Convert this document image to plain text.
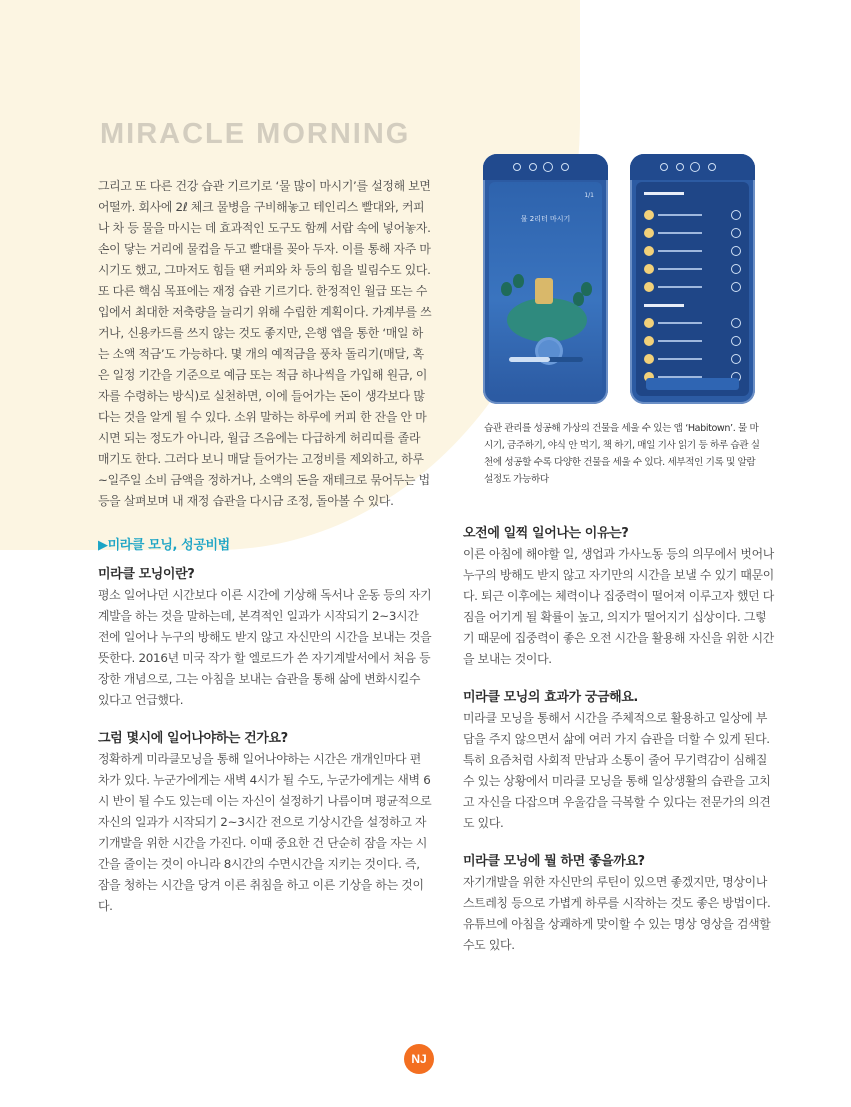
MIRACLE MORNING

그리고 또 다른 건강 습관 기르기로 ‘물 많이 마시기’를 설정해 보면 어떨까. 회사에 2ℓ 체크 물병을 구비해놓고 테인리스 빨대와, 커피나 차 등 물을 마시는 데 효과적인 도구도 함께 서랍 속에 넣어놓자. 손이 닿는 거리에 물컵을 두고 빨대를 꽂아 두자. 이를 통해 자주 마시기도 했고, 그마저도 힘들 땐 커피와 차 등의 힘을 빌림수도 있다.

또 다른 핵심 목표에는 재정 습관 기르기다. 한정적인 월급 또는 수입에서 최대한 저축량을 늘리기 위해 수립한 계획이다. 가계부를 쓰거나, 신용카드를 쓰지 않는 것도 좋지만, 은행 앱을 통한 ‘매일 하는 소액 적금’도 가능하다. 몇 개의 예적금을 풍차 돌리기(매달, 혹은 일정 기간을 기준으로 예금 또는 적금 하나씩을 가입해 원금, 이자를 수령하는 방식)로 실천하면, 이에 들어가는 돈이 생각보다 많다는 것을 알게 될 수 있다. 소위 말하는 하루에 커피 한 잔을 안 마시면 되는 정도가 아니라, 월급 즈음에는 다급하게 허리띠를 졸라 매기도 한다. 그러다 보니 매달 들어가는 고정비를 제외하고, 하루~일주일 소비 금액을 정하거나, 소액의 돈을 재테크로 묶어두는 법 등을 살펴보며 내 재정 습관을 다시금 조정, 돌아볼 수 있다.

▶미라클 모닝, 성공비법
미라클 모닝이란?

평소 일어나던 시간보다 이른 시간에 기상해 독서나 운동 등의 자기 계발을 하는 것을 말하는데, 본격적인 일과가 시작되기 2~3시간 전에 일어나 누구의 방해도 받지 않고 자신만의 시간을 보내는 것을 뜻한다. 2016년 미국 작가 할 엘로드가 쓴 자기계발서에서 처음 등장한 개념으로, 그는 아침을 보내는 습관을 통해 삶에 변화시킬수 있다고 언급했다.

그럼 몇시에 일어나야하는 건가요?

정확하게 미라클모닝을 통해 일어나야하는 시간은 개개인마다 편차가 있다. 누군가에게는 새벽 4시가 될 수도, 누군가에게는 새벽 6시 반이 될 수도 있는데 이는 자신이 설정하기 나름이며 평균적으로 자신의 일과가 시작되기 2~3시간 전으로 기상시간을 설정하고 자기개발을 위한 시간을 가진다. 이때 중요한 건 단순히 잠을 자는 시간을 줄이는 것이 아니라 8시간의 수면시간을 지키는 것이다. 즉, 잠을 청하는 시간을 당겨 이른 취침을 하고 이른 기상을 하는 것이다.

1/1
물 2리터 마시기

습관 관리를 성공해 가상의 건물을 세울 수 있는 앱 ‘Habitown’. 물 마시기, 금주하기, 야식 안 먹기, 책 하기, 매일 기사 읽기 등 하루 습관 실천에 성공할 수록 다양한 건물을 세울 수 있다. 세부적인 기록 및 알람 설정도 가능하다

오전에 일찍 일어나는 이유는?

이른 아침에 해야할 일, 생업과 가사노동 등의 의무에서 벗어나 누구의 방해도 받지 않고 자기만의 시간을 보낼 수 있기 때문이다. 퇴근 이후에는 체력이나 집중력이 떨어져 이루고자 했던 다짐을 어기게 될 확률이 높고, 의지가 떨어지기 십상이다. 그렇기 때문에 집중력이 좋은 오전 시간을 활용해 자신을 위한 시간을 보내는 것이다.

미라클 모닝의 효과가 궁금해요.

미라클 모닝을 통해서 시간을 주체적으로 활용하고 일상에 부담을 주지 않으면서 삶에 여러 가지 습관을 더할 수 있게 된다. 특히 요즘처럼 사회적 만남과 소통이 줄어 무기력감이 심해질 수 있는 상황에서 미라클 모닝을 통해 일상생활의 습관을 고치고 자신을 다잡으며 우울감을 극복할 수 있다는 전문가의 의견도 있다.

미라클 모닝에 뭘 하면 좋을까요?

자기개발을 위한 자신만의 루틴이 있으면 좋겠지만, 명상이나 스트레칭 등으로 가볍게 하루를 시작하는 것도 좋은 방법이다. 유튜브에 아침을 상쾌하게 맞이할 수 있는 명상 영상을 검색할 수도 있다.

NJ
